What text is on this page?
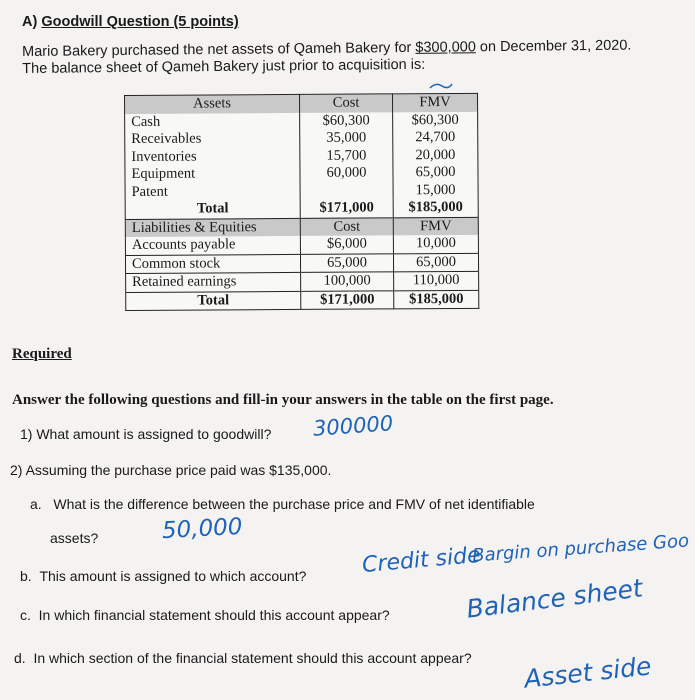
A) Goodwill Question (5 points)
Mario Bakery purchased the net assets of Qameh Bakery for $300,000 on December 31, 2020.
The balance sheet of Qameh Bakery just prior to acquisition is:
Assets	Cost	FMV
Cash	$60,300	$60,300
Receivables	35,000	24,700
Inventories	15,700	20,000
Equipment	60,000	65,000
Patent		15,000
Total	$171,000	$185,000
Liabilities & Equities	Cost	FMV
Accounts payable	$6,000	10,000
Common stock	65,000	65,000
Retained earnings	100,000	110,000
Total	$171,000	$185,000
Required
Answer the following questions and fill-in your answers in the table on the first page.
1) What amount is assigned to goodwill? 300000
2) Assuming the purchase price paid was $135,000.
a. What is the difference between the purchase price and FMV of net identifiable
assets?	50,000
b. This amount is assigned to which account? Credit side
Bargin on purchase Goo
c. In which financial statement should this account appear?	Balance sheet
d. In which section of the financial statement should this account appear? Asset side
